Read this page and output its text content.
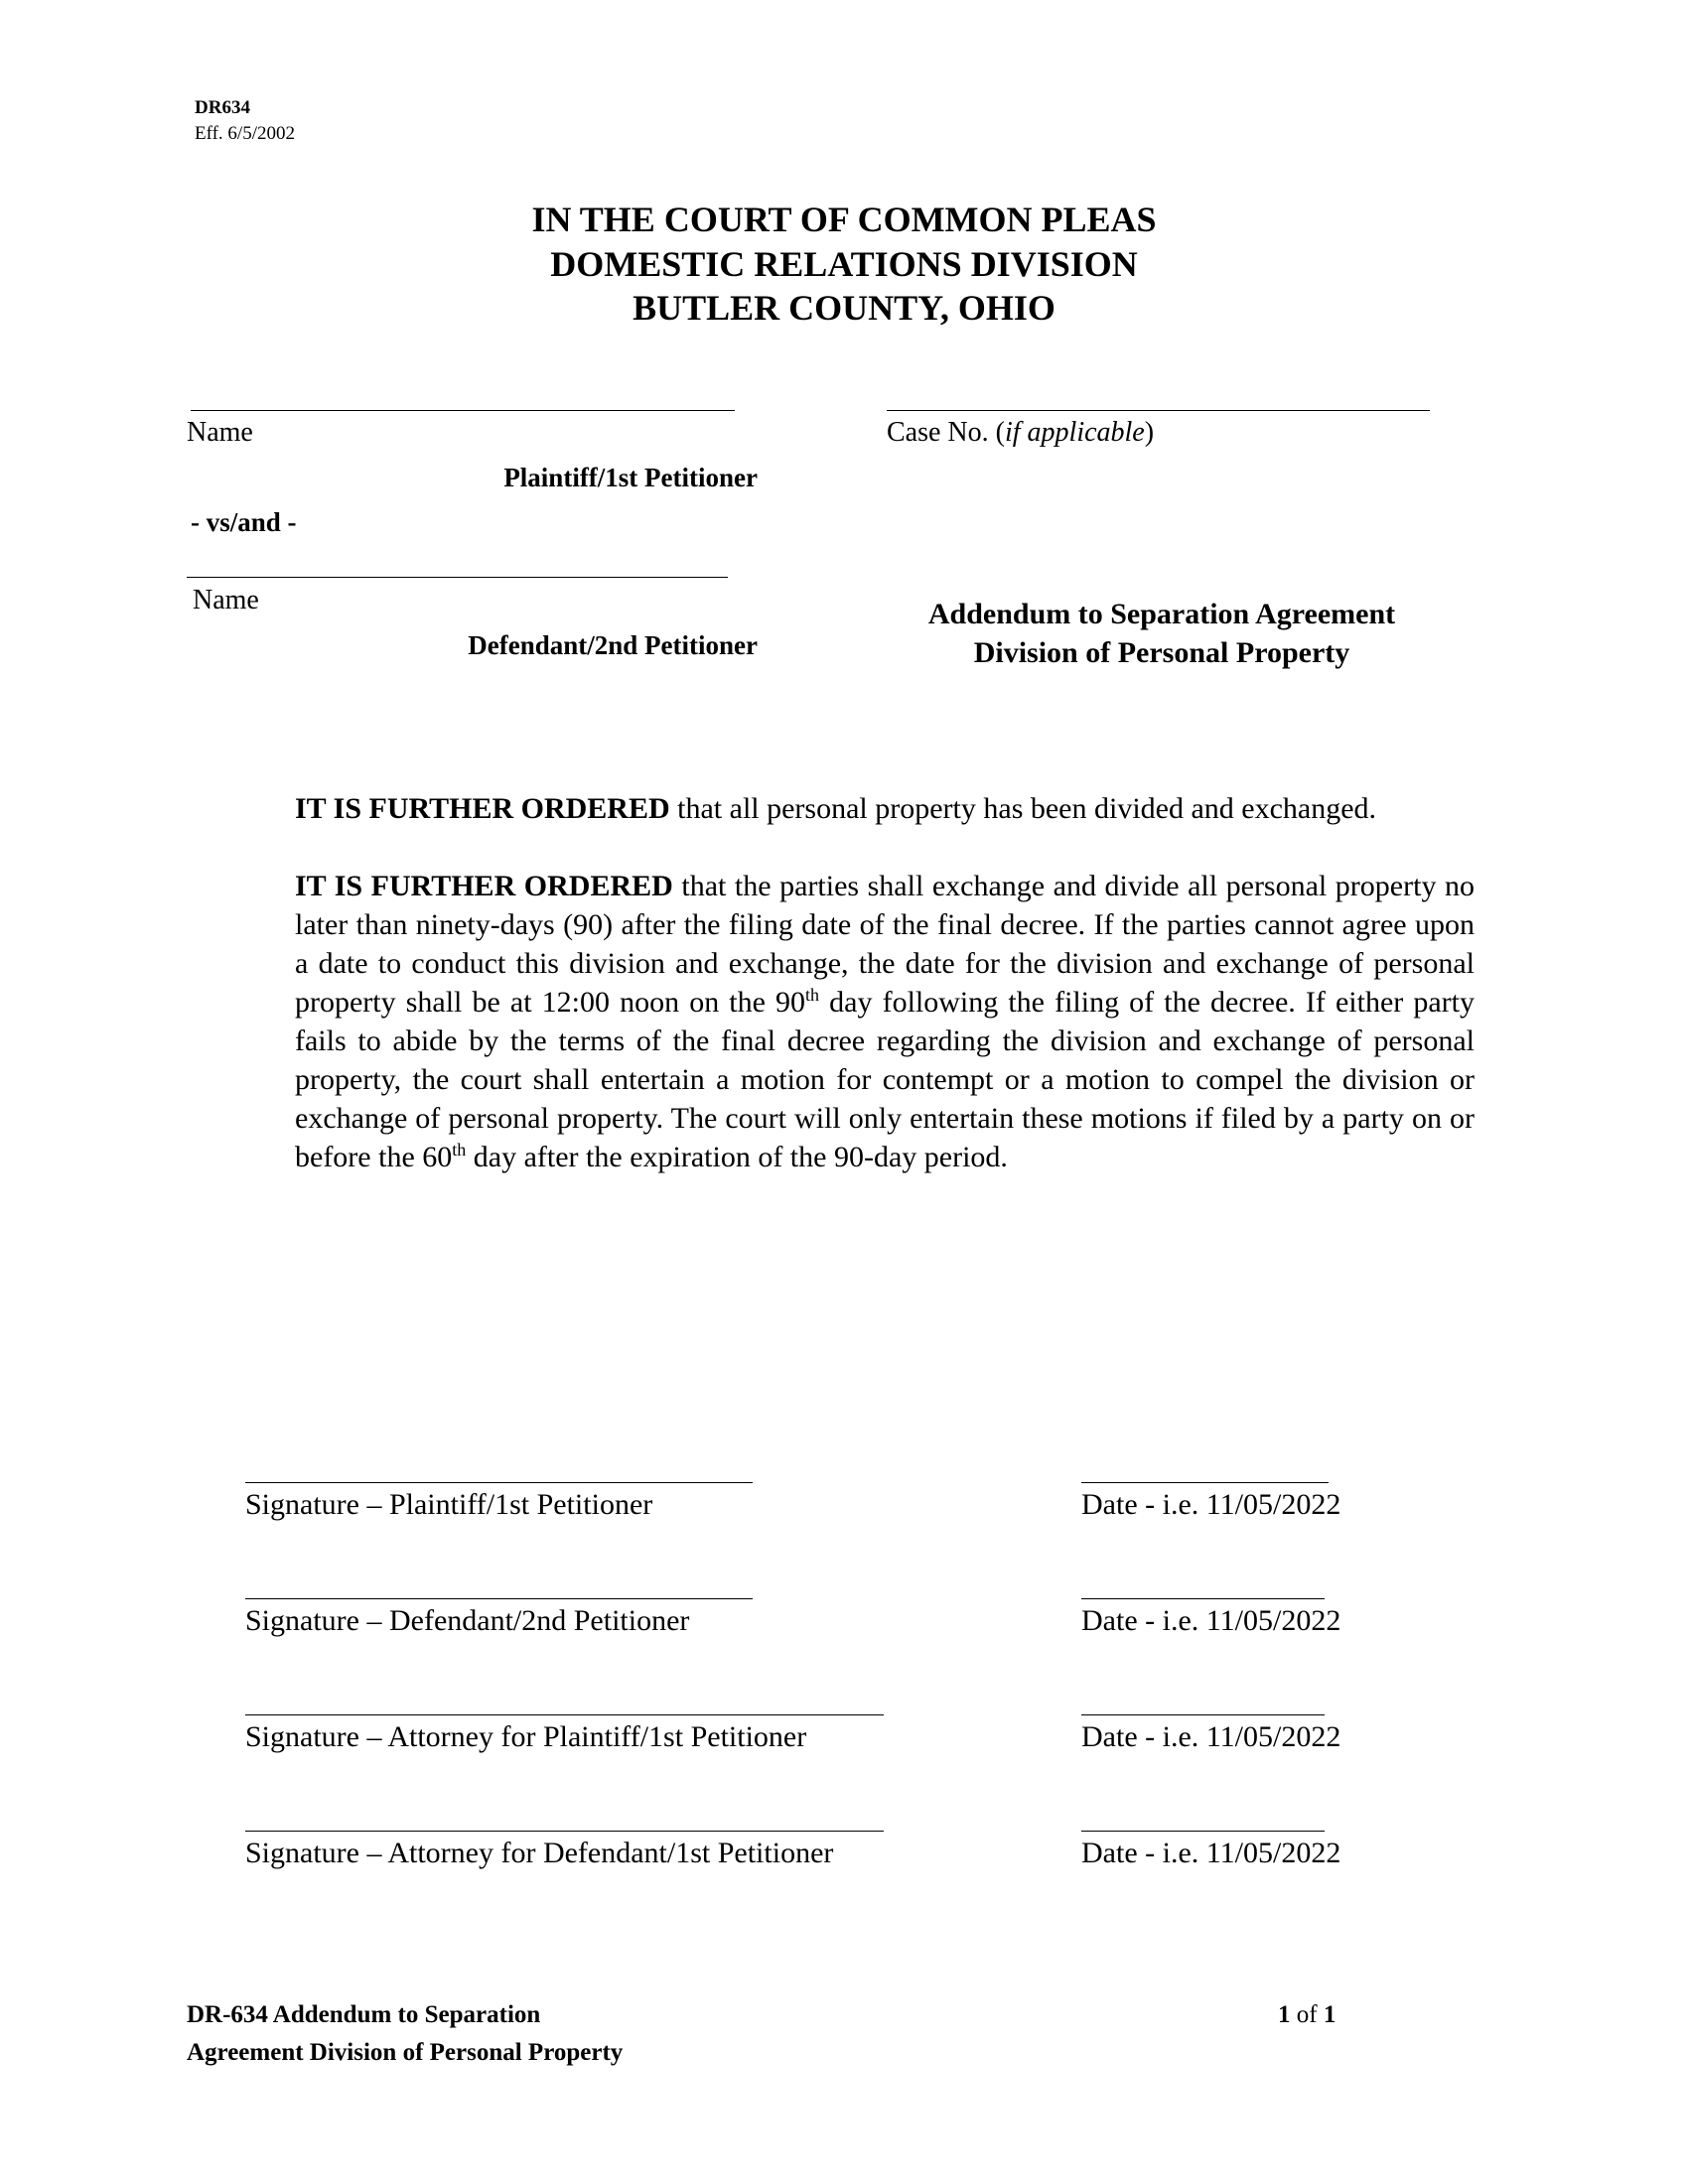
DR634
Eff. 6/5/2002
IN THE COURT OF COMMON PLEAS
DOMESTIC RELATIONS DIVISION
BUTLER COUNTY, OHIO
Name
Plaintiff/1st Petitioner
- vs/and -
Name
Defendant/2nd Petitioner
Case No. (if applicable)
Addendum to Separation Agreement
Division of Personal Property
IT IS FURTHER ORDERED that all personal property has been divided and exchanged.
IT IS FURTHER ORDERED that the parties shall exchange and divide all personal property no later than ninety-days (90) after the filing date of the final decree. If the parties cannot agree upon a date to conduct this division and exchange, the date for the division and exchange of personal property shall be at 12:00 noon on the 90th day following the filing of the decree. If either party fails to abide by the terms of the final decree regarding the division and exchange of personal property, the court shall entertain a motion for contempt or a motion to compel the division or exchange of personal property. The court will only entertain these motions if filed by a party on or before the 60th day after the expiration of the 90-day period.
Signature – Plaintiff/1st Petitioner	Date - i.e. 11/05/2022
Signature – Defendant/2nd Petitioner	Date - i.e. 11/05/2022
Signature – Attorney for Plaintiff/1st Petitioner	Date - i.e. 11/05/2022
Signature – Attorney for Defendant/1st Petitioner	Date - i.e. 11/05/2022
DR-634 Addendum to Separation
Agreement Division of Personal Property
1 of 1
